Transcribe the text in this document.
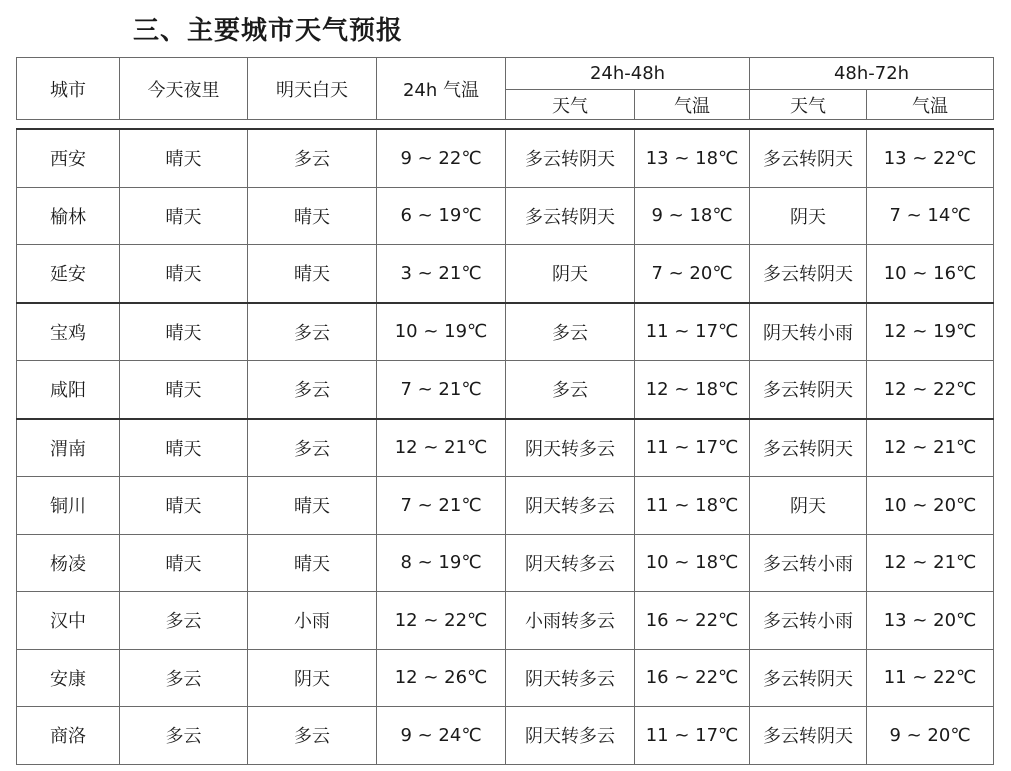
三、主要城市天气预报
城市	今天夜里	明天白天	24h 气温	24h-48h		48h-72h	
				天气	气温	天气	气温
西安	晴天	多云	9 ~ 22℃	多云转阴天	13 ~ 18℃	多云转阴天	13 ~ 22℃
榆林	晴天	晴天	6 ~ 19℃	多云转阴天	9 ~ 18℃	阴天	7 ~ 14℃
延安	晴天	晴天	3 ~ 21℃	阴天	7 ~ 20℃	多云转阴天	10 ~ 16℃
宝鸡	晴天	多云	10 ~ 19℃	多云	11 ~ 17℃	阴天转小雨	12 ~ 19℃
咸阳	晴天	多云	7 ~ 21℃	多云	12 ~ 18℃	多云转阴天	12 ~ 22℃
渭南	晴天	多云	12 ~ 21℃	阴天转多云	11 ~ 17℃	多云转阴天	12 ~ 21℃
铜川	晴天	晴天	7 ~ 21℃	阴天转多云	11 ~ 18℃	阴天	10 ~ 20℃
杨凌	晴天	晴天	8 ~ 19℃	阴天转多云	10 ~ 18℃	多云转小雨	12 ~ 21℃
汉中	多云	小雨	12 ~ 22℃	小雨转多云	16 ~ 22℃	多云转小雨	13 ~ 20℃
安康	多云	阴天	12 ~ 26℃	阴天转多云	16 ~ 22℃	多云转阴天	11 ~ 22℃
商洛	多云	多云	9 ~ 24℃	阴天转多云	11 ~ 17℃	多云转阴天	9 ~ 20℃
